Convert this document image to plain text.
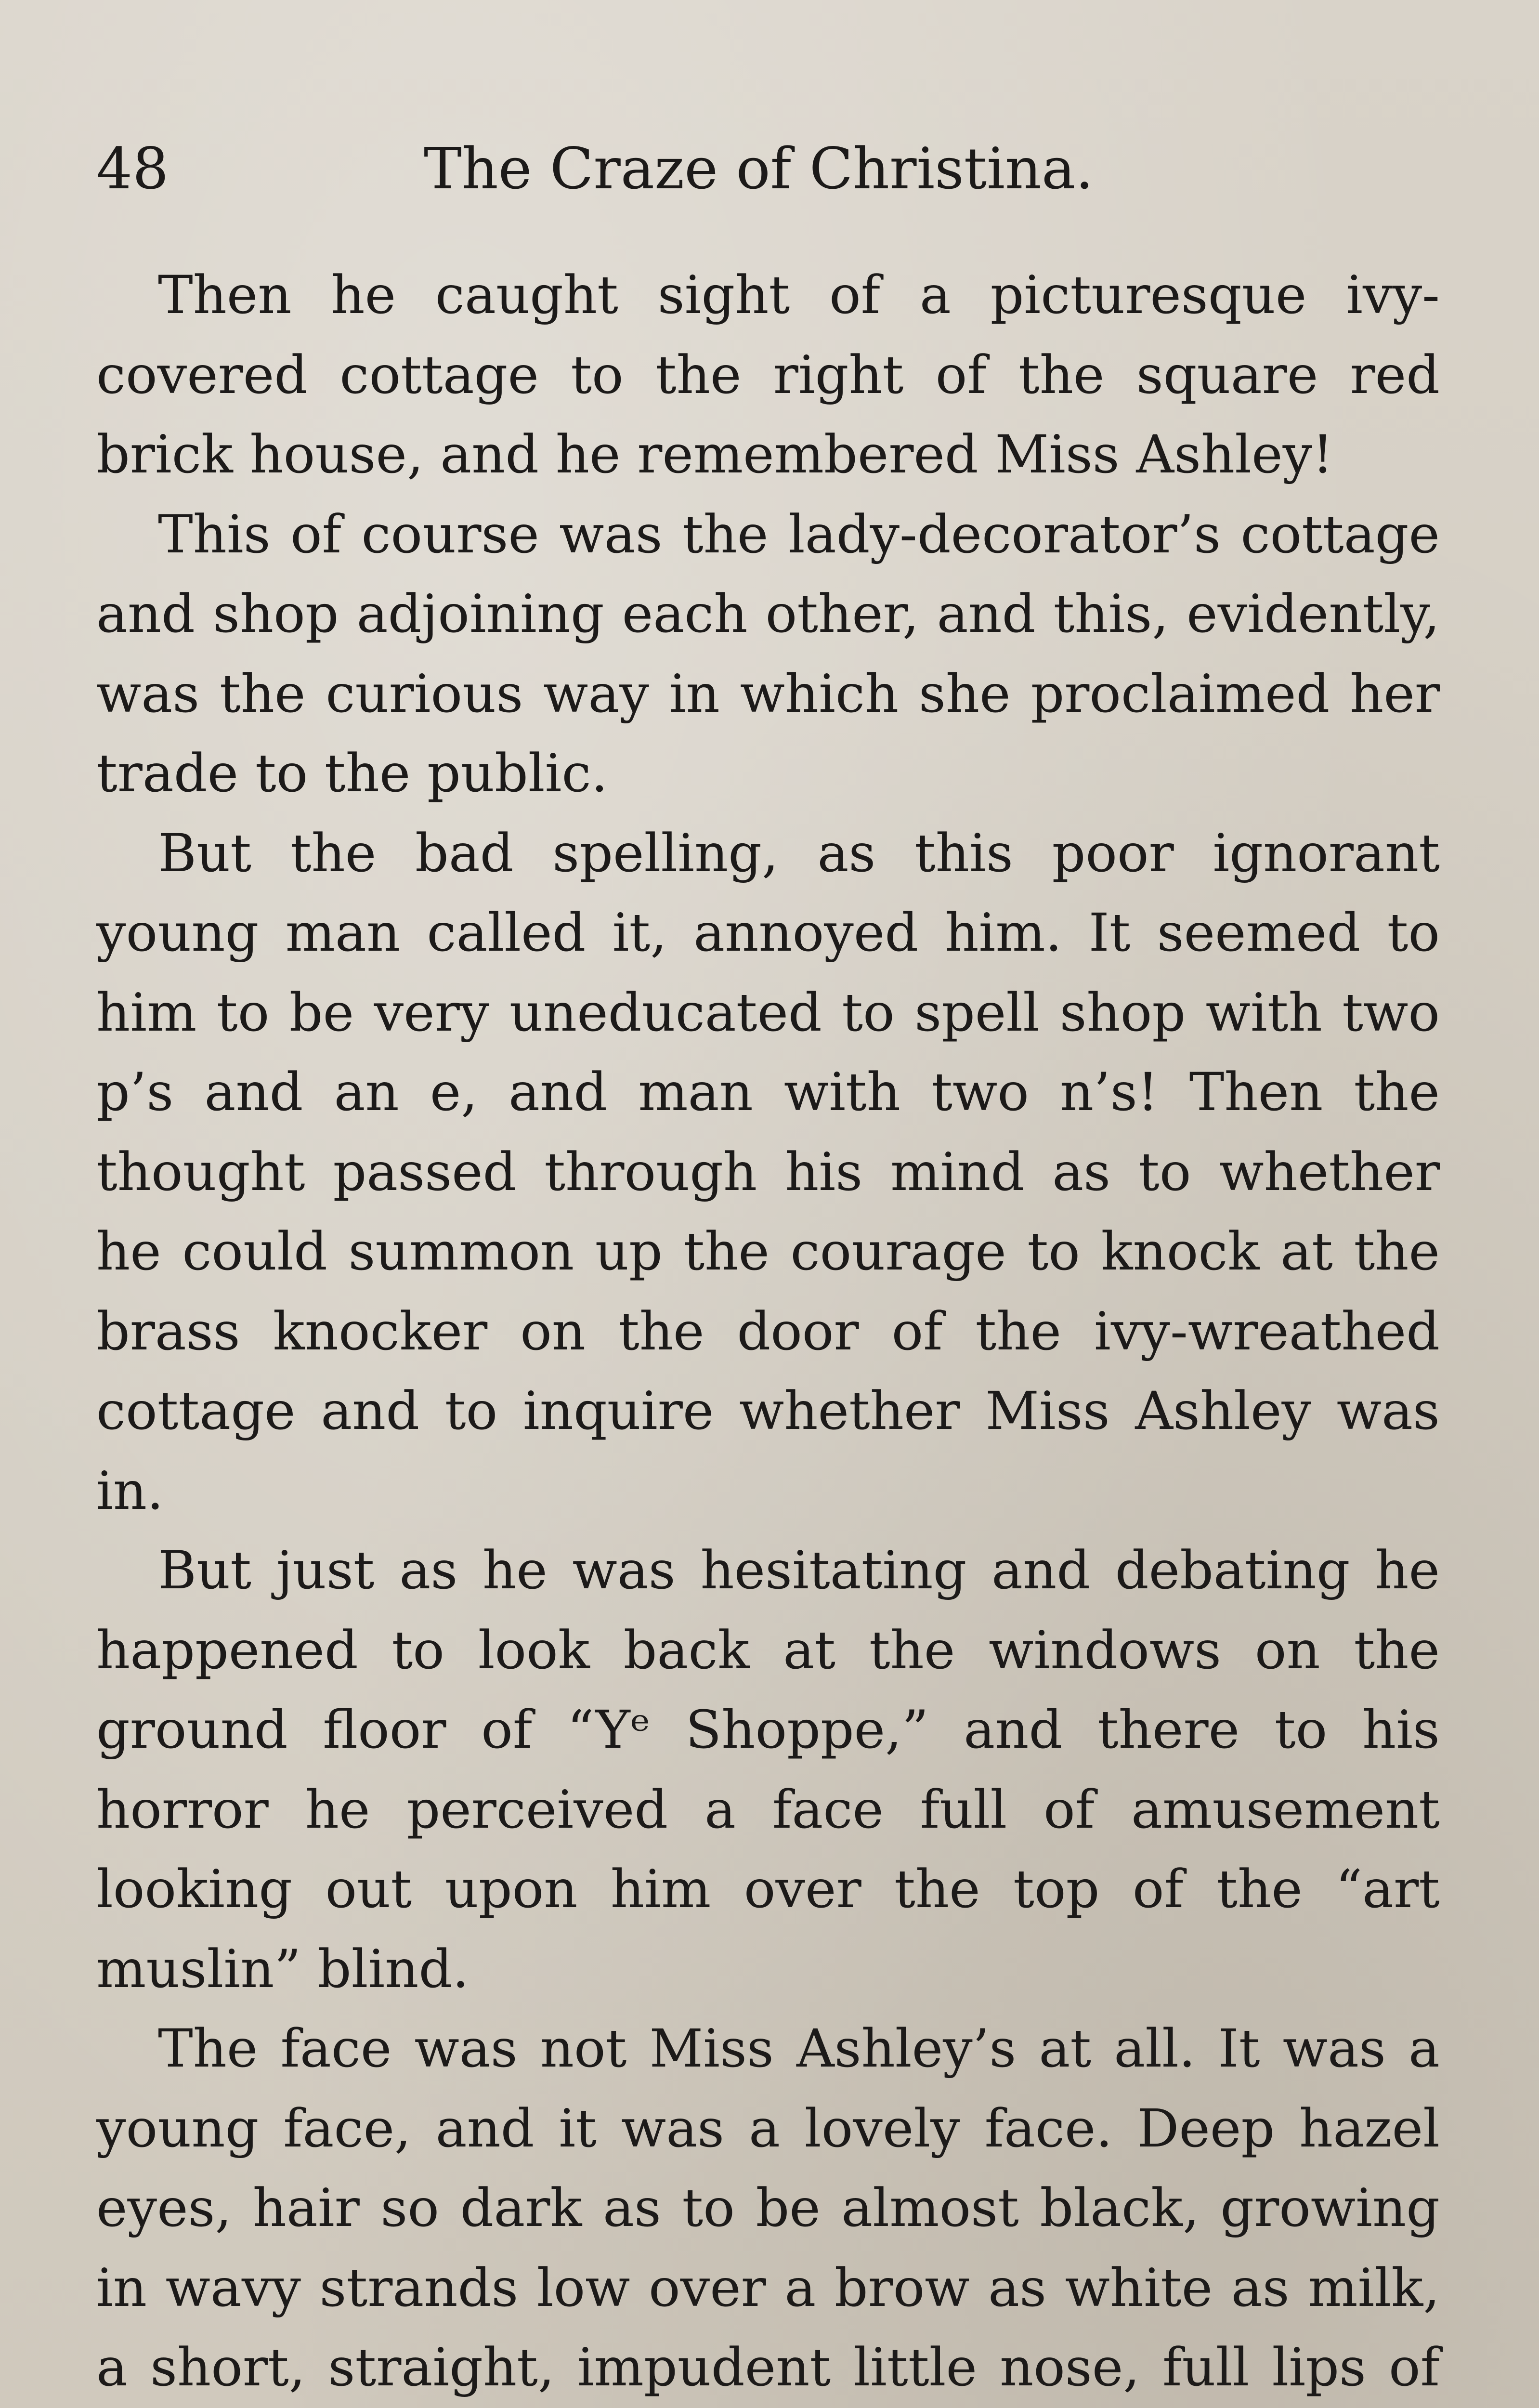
48	The Craze of Christina.

Then he caught sight of a picturesque ivy-covered cottage to the right of the square red brick house, and he remembered Miss Ashley!

This of course was the lady-decorator’s cottage and shop adjoining each other, and this, evidently, was the curious way in which she proclaimed her trade to the public.

But the bad spelling, as this poor ignorant young man called it, annoyed him. It seemed to him to be very uneducated to spell shop with two p’s and an e, and man with two n’s! Then the thought passed through his mind as to whether he could summon up the courage to knock at the brass knocker on the door of the ivy-wreathed cottage and to inquire whether Miss Ashley was in.

But just as he was hesitating and debating he happened to look back at the windows on the ground floor of “Yᵉ Shoppe,” and there to his horror he perceived a face full of amusement looking out upon him over the top of the “art muslin” blind.

The face was not Miss Ashley’s at all. It was a young face, and it was a lovely face. Deep hazel eyes, hair so dark as to be almost black, growing in wavy strands low over a brow as white as milk, a short, straight, impudent little nose, full lips of
